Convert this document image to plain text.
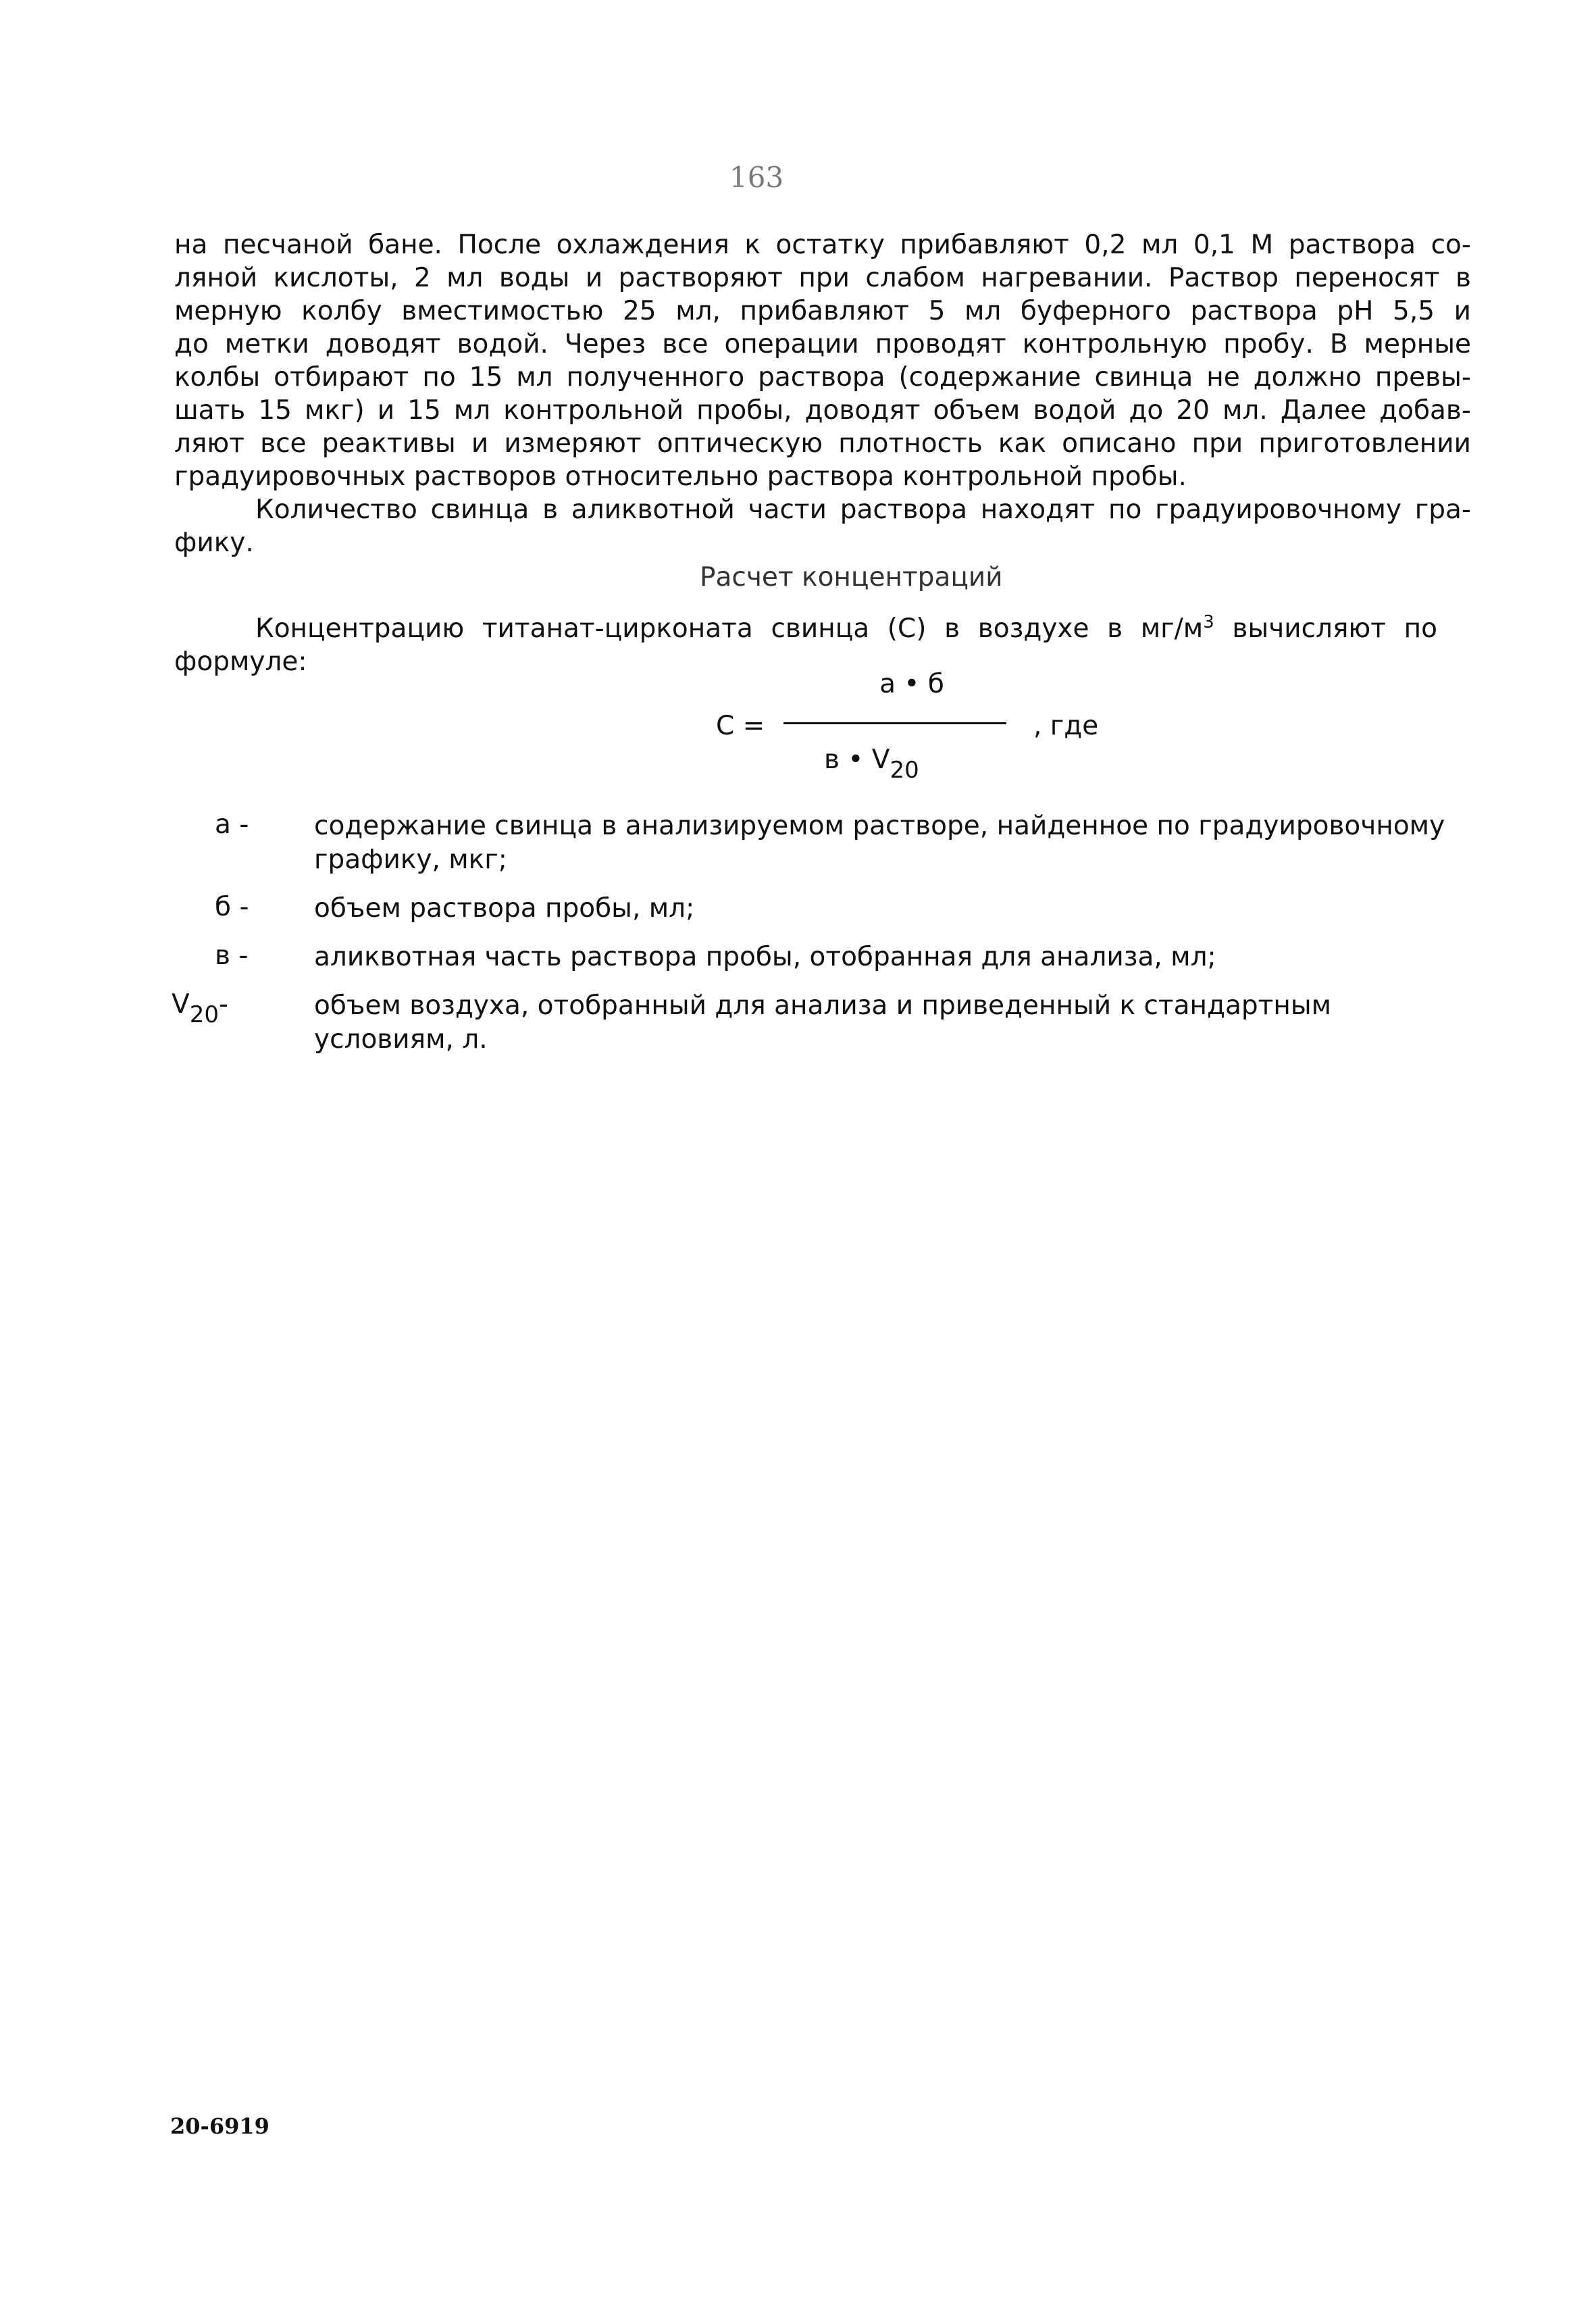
163
на песчаной бане. После охлаждения к остатку прибавляют 0,2 мл 0,1 М раствора со-
ляной кислоты, 2 мл воды и растворяют при слабом нагревании. Раствор переносят в
мерную колбу вместимостью 25 мл, прибавляют 5 мл буферного раствора рН 5,5 и
до метки доводят водой. Через все операции проводят контрольную пробу. В мерные
колбы отбирают по 15 мл полученного раствора (содержание свинца не должно превы-
шать 15 мкг) и 15 мл контрольной пробы, доводят объем водой до 20 мл. Далее добав-
ляют все реактивы и измеряют оптическую плотность как описано при приготовлении
градуировочных растворов относительно раствора контрольной пробы.
Количество свинца в аликвотной части раствора находят по градуировочному гра-
фику.
Расчет концентраций
Концентрацию титанат-цирконата свинца (С) в воздухе в $мг/м^3$ вычисляют по
формуле:
С =
а • б
в • $V_{20}$
, где
а -	содержание свинца в анализируемом растворе, найденное по градуировочному
графику, мкг;
б -	объем раствора пробы, мл;
в -	аликвотная часть раствора пробы, отобранная для анализа, мл;
$V_{20}-$	объем воздуха, отобранный для анализа и приведенный к стандартным
условиям, л.
20-6919
